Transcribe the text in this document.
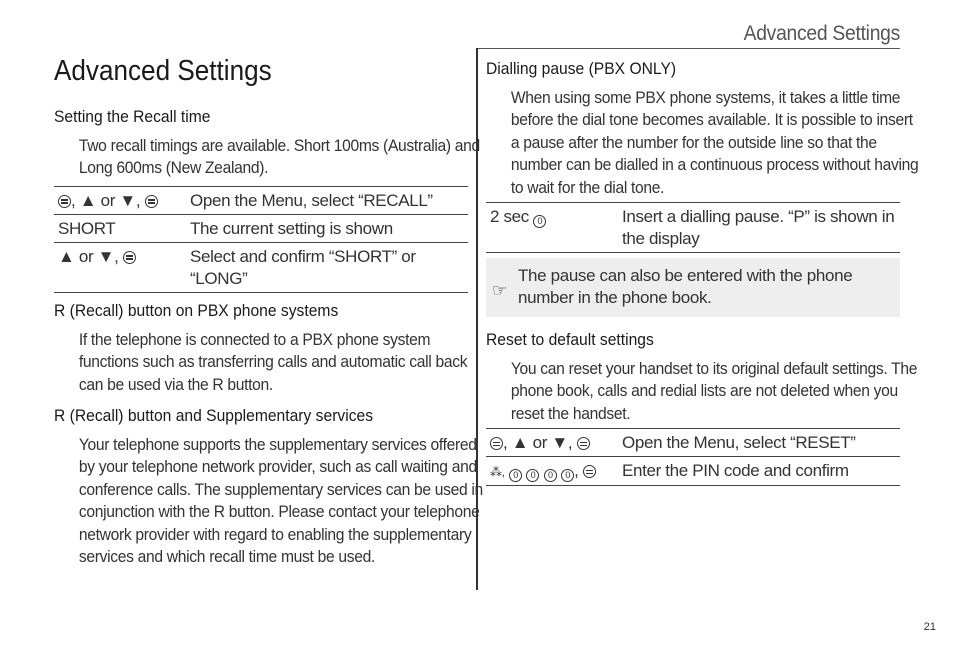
Advanced Settings
Advanced Settings
Setting the Recall time

Two recall timings are available. Short 100ms (Australia) and Long 600ms (New Zealand).

, ▲ or ▼,	Open the Menu, select “RECALL”
SHORT	The current setting is shown
▲ or ▼,	Select and confirm “SHORT” or “LONG”
R (Recall) button on PBX phone systems

If the telephone is connected to a PBX phone system functions such as transferring calls and automatic call back can be used via the R button.

R (Recall) button and Supplementary services

Your telephone supports the supplementary services offered by your telephone network provider, such as call waiting and conference calls. The supplementary services can be used in conjunction with the R button. Please contact your telephone network provider with regard to enabling the supplementary services and which recall time must be used.

Dialling pause (PBX ONLY)

When using some PBX phone systems, it takes a little time before the dial tone becomes available. It is possible to insert a pause after the number for the outside line so that the number can be dialled in a continuous process without having to wait for the dial tone.

2 sec 0	Insert a dialling pause. “P” is shown in the display
☞
The pause can also be entered with the phone number in the phone book.
Reset to default settings

You can reset your handset to its original default settings. The phone book, calls and redial lists are not deleted when you reset the handset.

, ▲ or ▼,	Open the Menu, select “RESET”
⁂, 0 0 0 0 ,	Enter the PIN code and confirm
21
